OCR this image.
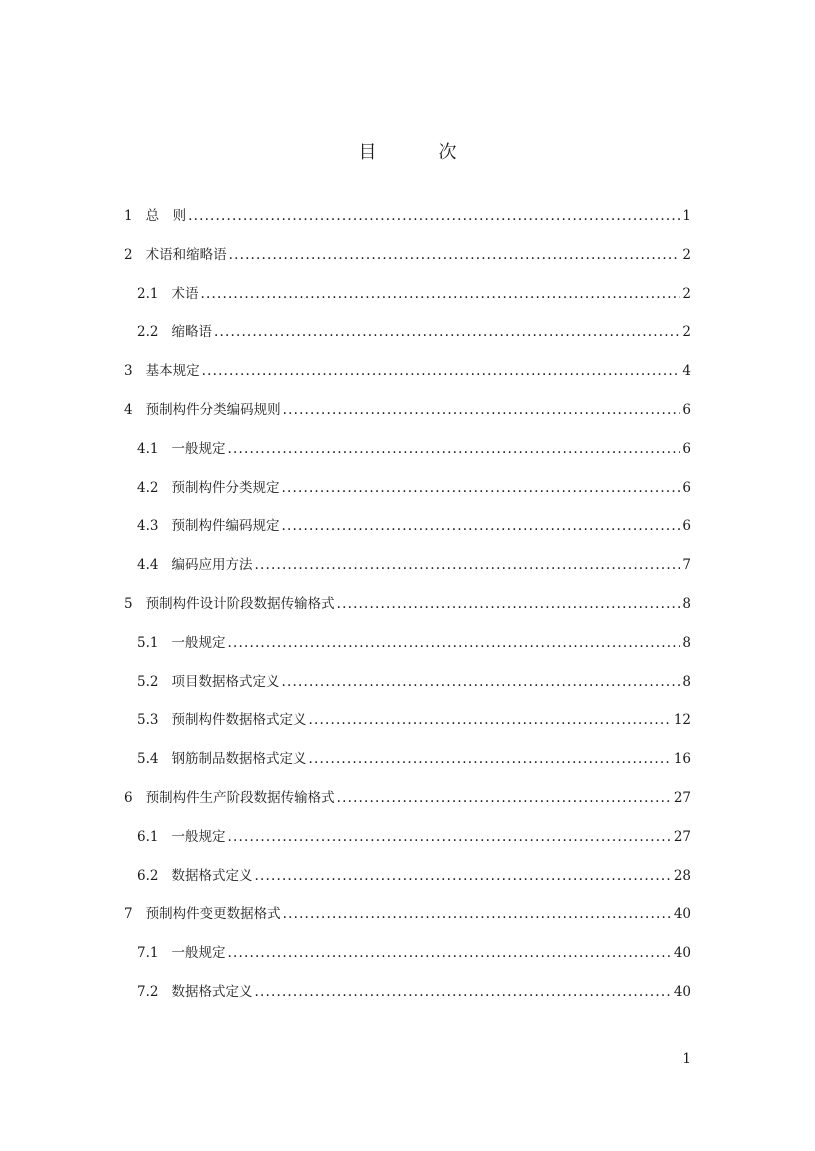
目　次
1 总　则 .....	1
2 术语和缩略语 .....	2
2.1 术语 .....	2
2.2 缩略语 .....	2
3 基本规定 .....	4
4 预制构件分类编码规则 .....	6
4.1 一般规定 .....	6
4.2 预制构件分类规定 .....	6
4.3 预制构件编码规定 .....	6
4.4 编码应用方法 .....	7
5 预制构件设计阶段数据传输格式 .....	8
5.1 一般规定 .....	8
5.2 项目数据格式定义 .....	8
5.3 预制构件数据格式定义 .....	12
5.4 钢筋制品数据格式定义 .....	16
6 预制构件生产阶段数据传输格式 .....	27
6.1 一般规定 .....	27
6.2 数据格式定义 .....	28
7 预制构件变更数据格式 .....	40
7.1 一般规定 .....	40
7.2 数据格式定义 .....	40
1
